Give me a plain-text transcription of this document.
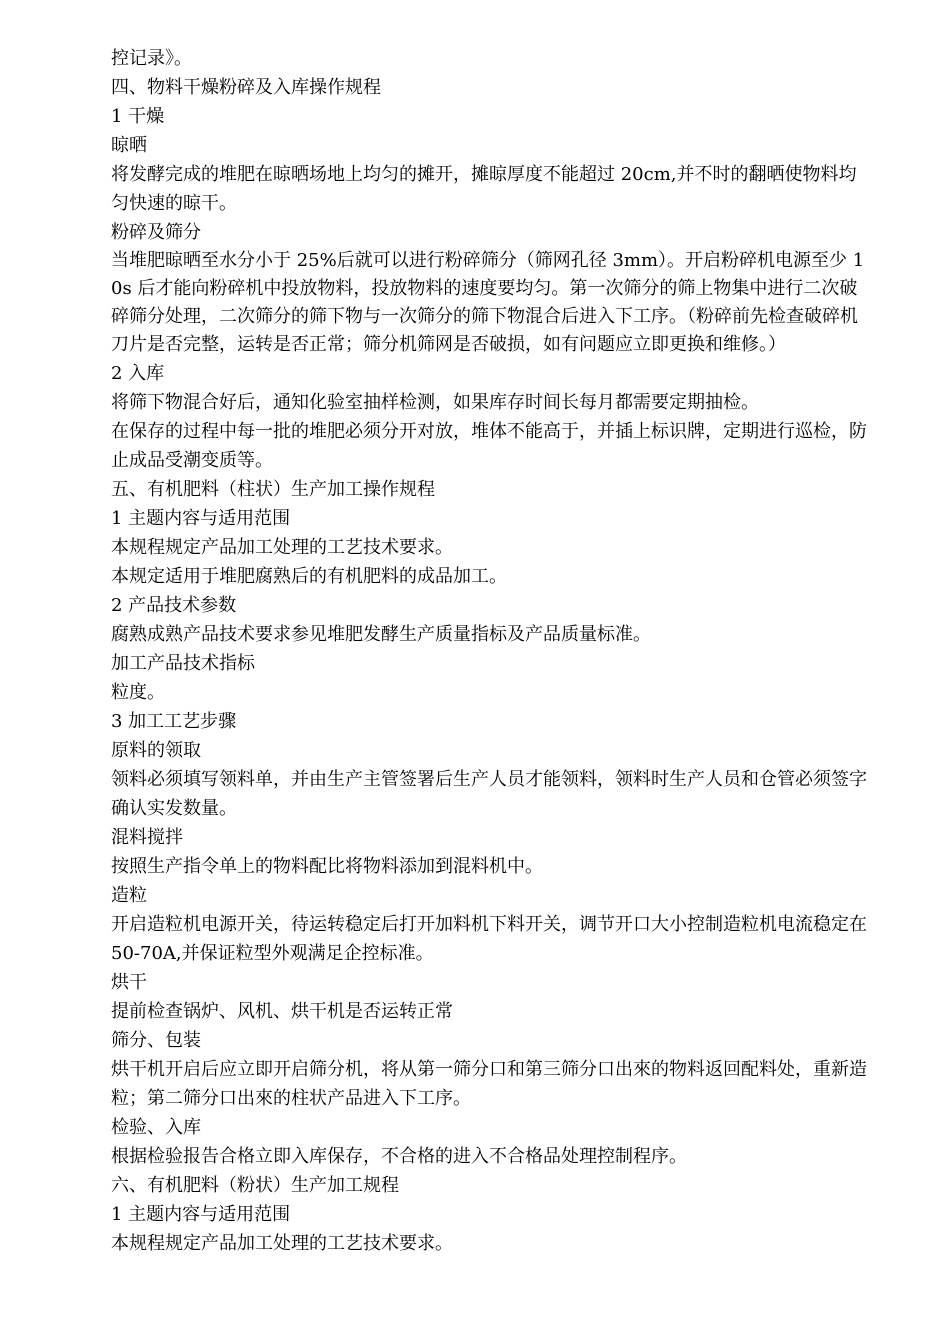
控记录》。

四、物料干燥粉碎及入库操作规程

1 干燥

晾晒

将发酵完成的堆肥在晾晒场地上均匀的摊开，摊晾厚度不能超过 20cm,并不时的翻晒使物料均匀快速的晾干。

粉碎及筛分

当堆肥晾晒至水分小于 25%后就可以进行粉碎筛分（筛网孔径 3mm）。开启粉碎机电源至少 10s 后才能向粉碎机中投放物料，投放物料的速度要均匀。第一次筛分的筛上物集中进行二次破碎筛分处理，二次筛分的筛下物与一次筛分的筛下物混合后进入下工序。（粉碎前先检查破碎机刀片是否完整，运转是否正常；筛分机筛网是否破损，如有问题应立即更换和维修。）

2 入库

将筛下物混合好后，通知化验室抽样检测，如果库存时间长每月都需要定期抽检。

在保存的过程中每一批的堆肥必须分开对放，堆体不能高于，并插上标识牌，定期进行巡检，防止成品受潮变质等。

五、有机肥料（柱状）生产加工操作规程

1 主题内容与适用范围

本规程规定产品加工处理的工艺技术要求。

本规定适用于堆肥腐熟后的有机肥料的成品加工。

2 产品技术参数

腐熟成熟产品技术要求参见堆肥发酵生产质量指标及产品质量标准。

加工产品技术指标

粒度。

3 加工工艺步骤

原料的领取

领料必须填写领料单，并由生产主管签署后生产人员才能领料，领料时生产人员和仓管必须签字确认实发数量。

混料搅拌

按照生产指令单上的物料配比将物料添加到混料机中。

造粒

开启造粒机电源开关，待运转稳定后打开加料机下料开关，调节开口大小控制造粒机电流稳定在 50-70A,并保证粒型外观满足企控标准。

烘干

提前检查锅炉、风机、烘干机是否运转正常

筛分、包装

烘干机开启后应立即开启筛分机，将从第一筛分口和第三筛分口出來的物料返回配料处，重新造粒；第二筛分口出來的柱状产品进入下工序。

检验、入库

根据检验报告合格立即入库保存，不合格的进入不合格品处理控制程序。

六、有机肥料（粉状）生产加工规程

1 主题内容与适用范围

本规程规定产品加工处理的工艺技术要求。
